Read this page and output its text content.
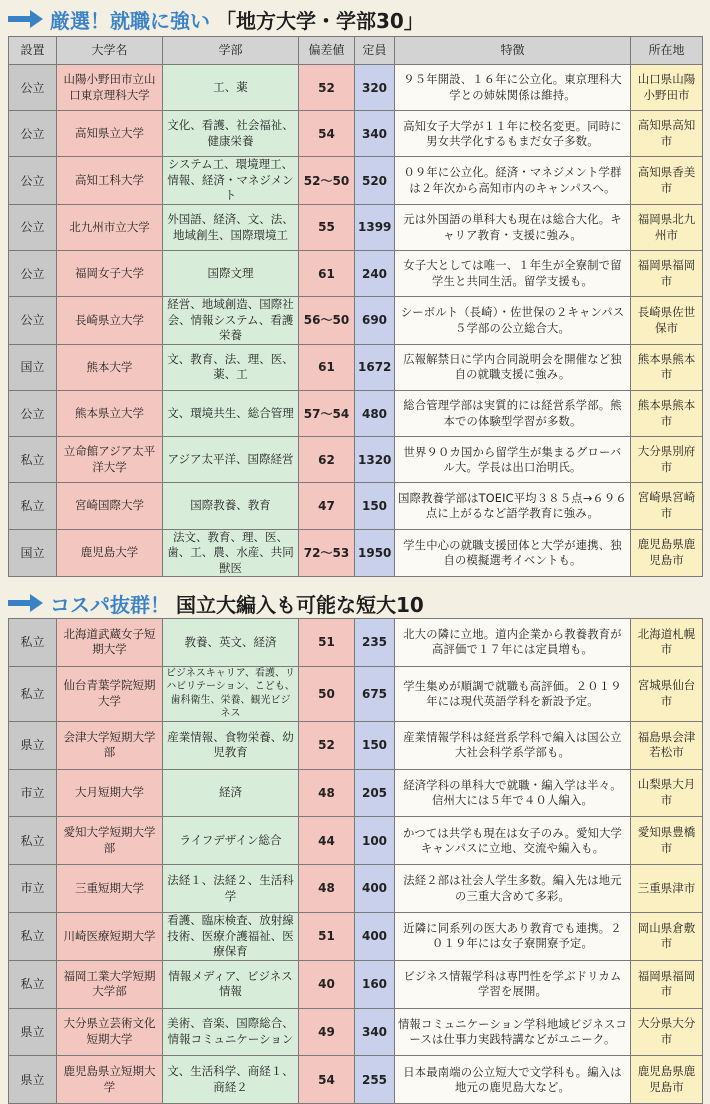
厳選！就職に強い 「地方大学・学部30」
設置	大学名	学部	偏差値	定員	特徴	所在地
公立	山陽小野田市立山口東京理科大学	工、薬	52	320	９５年開設、１６年に公立化。東京理科大学との姉妹関係は維持。	山口県山陽小野田市
公立	高知県立大学	文化、看護、社会福祉、健康栄養	54	340	高知女子大学が１１年に校名変更。同時に男女共学化するもまだ女子多数。	高知県高知市
公立	高知工科大学	システム工、環境理工、情報、経済・マネジメント	52〜50	520	０９年に公立化。経済・マネジメント学群は２年次から高知市内のキャンパスへ。	高知県香美市
公立	北九州市立大学	外国語、経済、文、法、地域創生、国際環境工	55	1399	元は外国語の単科大も現在は総合大化。キャリア教育・支援に強み。	福岡県北九州市
公立	福岡女子大学	国際文理	61	240	女子大としては唯一、１年生が全寮制で留学生と共同生活。留学支援も。	福岡県福岡市
公立	長崎県立大学	経営、地域創造、国際社会、情報システム、看護栄養	56〜50	690	シーボルト（長崎）・佐世保の２キャンパス５学部の公立総合大。	長崎県佐世保市
国立	熊本大学	文、教育、法、理、医、薬、工	61	1672	広報解禁日に学内合同説明会を開催など独自の就職支援に強み。	熊本県熊本市
公立	熊本県立大学	文、環境共生、総合管理	57〜54	480	総合管理学部は実質的には経営系学部。熊本での体験型学習が多数。	熊本県熊本市
私立	立命館アジア太平洋大学	アジア太平洋、国際経営	62	1320	世界９０カ国から留学生が集まるグローバル大。学長は出口治明氏。	大分県別府市
私立	宮崎国際大学	国際教養、教育	47	150	国際教養学部はTOEIC平均３８５点→６９６点に上がるなど語学教育に強み。	宮崎県宮崎市
国立	鹿児島大学	法文、教育、理、医、歯、工、農、水産、共同獣医	72〜53	1950	学生中心の就職支援団体と大学が連携、独自の模擬選考イベントも。	鹿児島県鹿児島市
コスパ抜群！ 国立大編入も可能な短大10
私立	北海道武蔵女子短期大学	教養、英文、経済	51	235	北大の隣に立地。道内企業から教養教育が高評価で１７年には定員増も。	北海道札幌市
私立	仙台青葉学院短期大学	ビジネスキャリア、看護、リハビリテーション、こども、歯科衛生、栄養、観光ビジネス	50	675	学生集めが順調で就職も高評価。２０１９年には現代英語学科を新設予定。	宮城県仙台市
県立	会津大学短期大学部	産業情報、食物栄養、幼児教育	52	150	産業情報学科は経営系学科で編入は国公立大社会科学系学部も。	福島県会津若松市
市立	大月短期大学	経済	48	205	経済学科の単科大で就職・編入学は半々。信州大には５年で４０人編入。	山梨県大月市
私立	愛知大学短期大学部	ライフデザイン総合	44	100	かつては共学も現在は女子のみ。愛知大学キャンパスに立地、交流や編入も。	愛知県豊橋市
市立	三重短期大学	法経１、法経２、生活科学	48	400	法経２部は社会人学生多数。編入先は地元の三重大含めて多彩。	三重県津市
私立	川崎医療短期大学	看護、臨床検査、放射線技術、医療介護福祉、医療保育	51	400	近隣に同系列の医大あり教育でも連携。２０１９年には女子寮開寮予定。	岡山県倉敷市
私立	福岡工業大学短期大学部	情報メディア、ビジネス情報	40	160	ビジネス情報学科は専門性を学ぶドリカム学習を展開。	福岡県福岡市
県立	大分県立芸術文化短期大学	美術、音楽、国際総合、情報コミュニケーション	49	340	情報コミュニケーション学科地域ビジネスコースは仕事力実践特講などがユニーク。	大分県大分市
県立	鹿児島県立短期大学	文、生活科学、商経１、商経２	54	255	日本最南端の公立短大で文学科も。編入は地元の鹿児島大など。	鹿児島県鹿児島市
